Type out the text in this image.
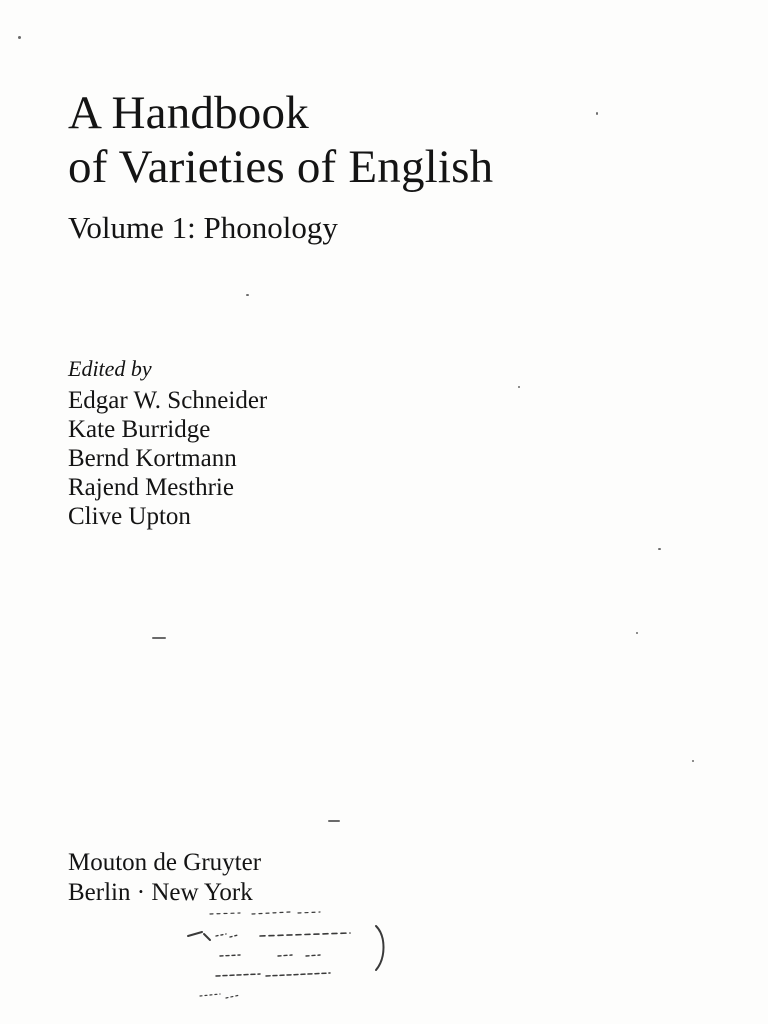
A Handbook
of Varieties of English
Volume 1: Phonology
Edited by
Edgar W. Schneider
Kate Burridge
Bernd Kortmann
Rajend Mesthrie
Clive Upton
Mouton de Gruyter
Berlin · New York
